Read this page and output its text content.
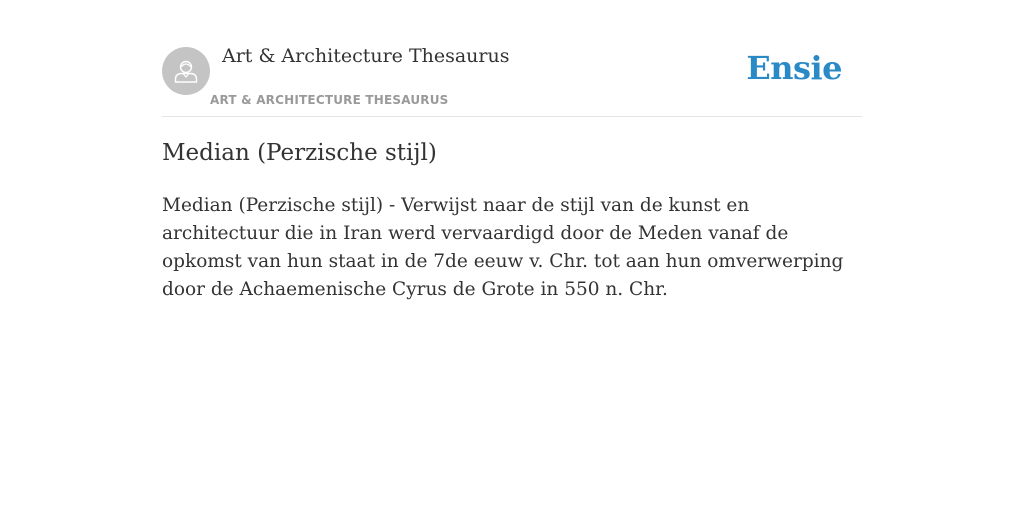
Art & Architecture Thesaurus
ART & ARCHITECTURE THESAURUS
Ensie
Median (Perzische stijl)

Median (Perzische stijl) - Verwijst naar de stijl van de kunst en architectuur die in Iran werd vervaardigd door de Meden vanaf de opkomst van hun staat in de 7de eeuw v. Chr. tot aan hun omverwerping door de Achaemenische Cyrus de Grote in 550 n. Chr.
